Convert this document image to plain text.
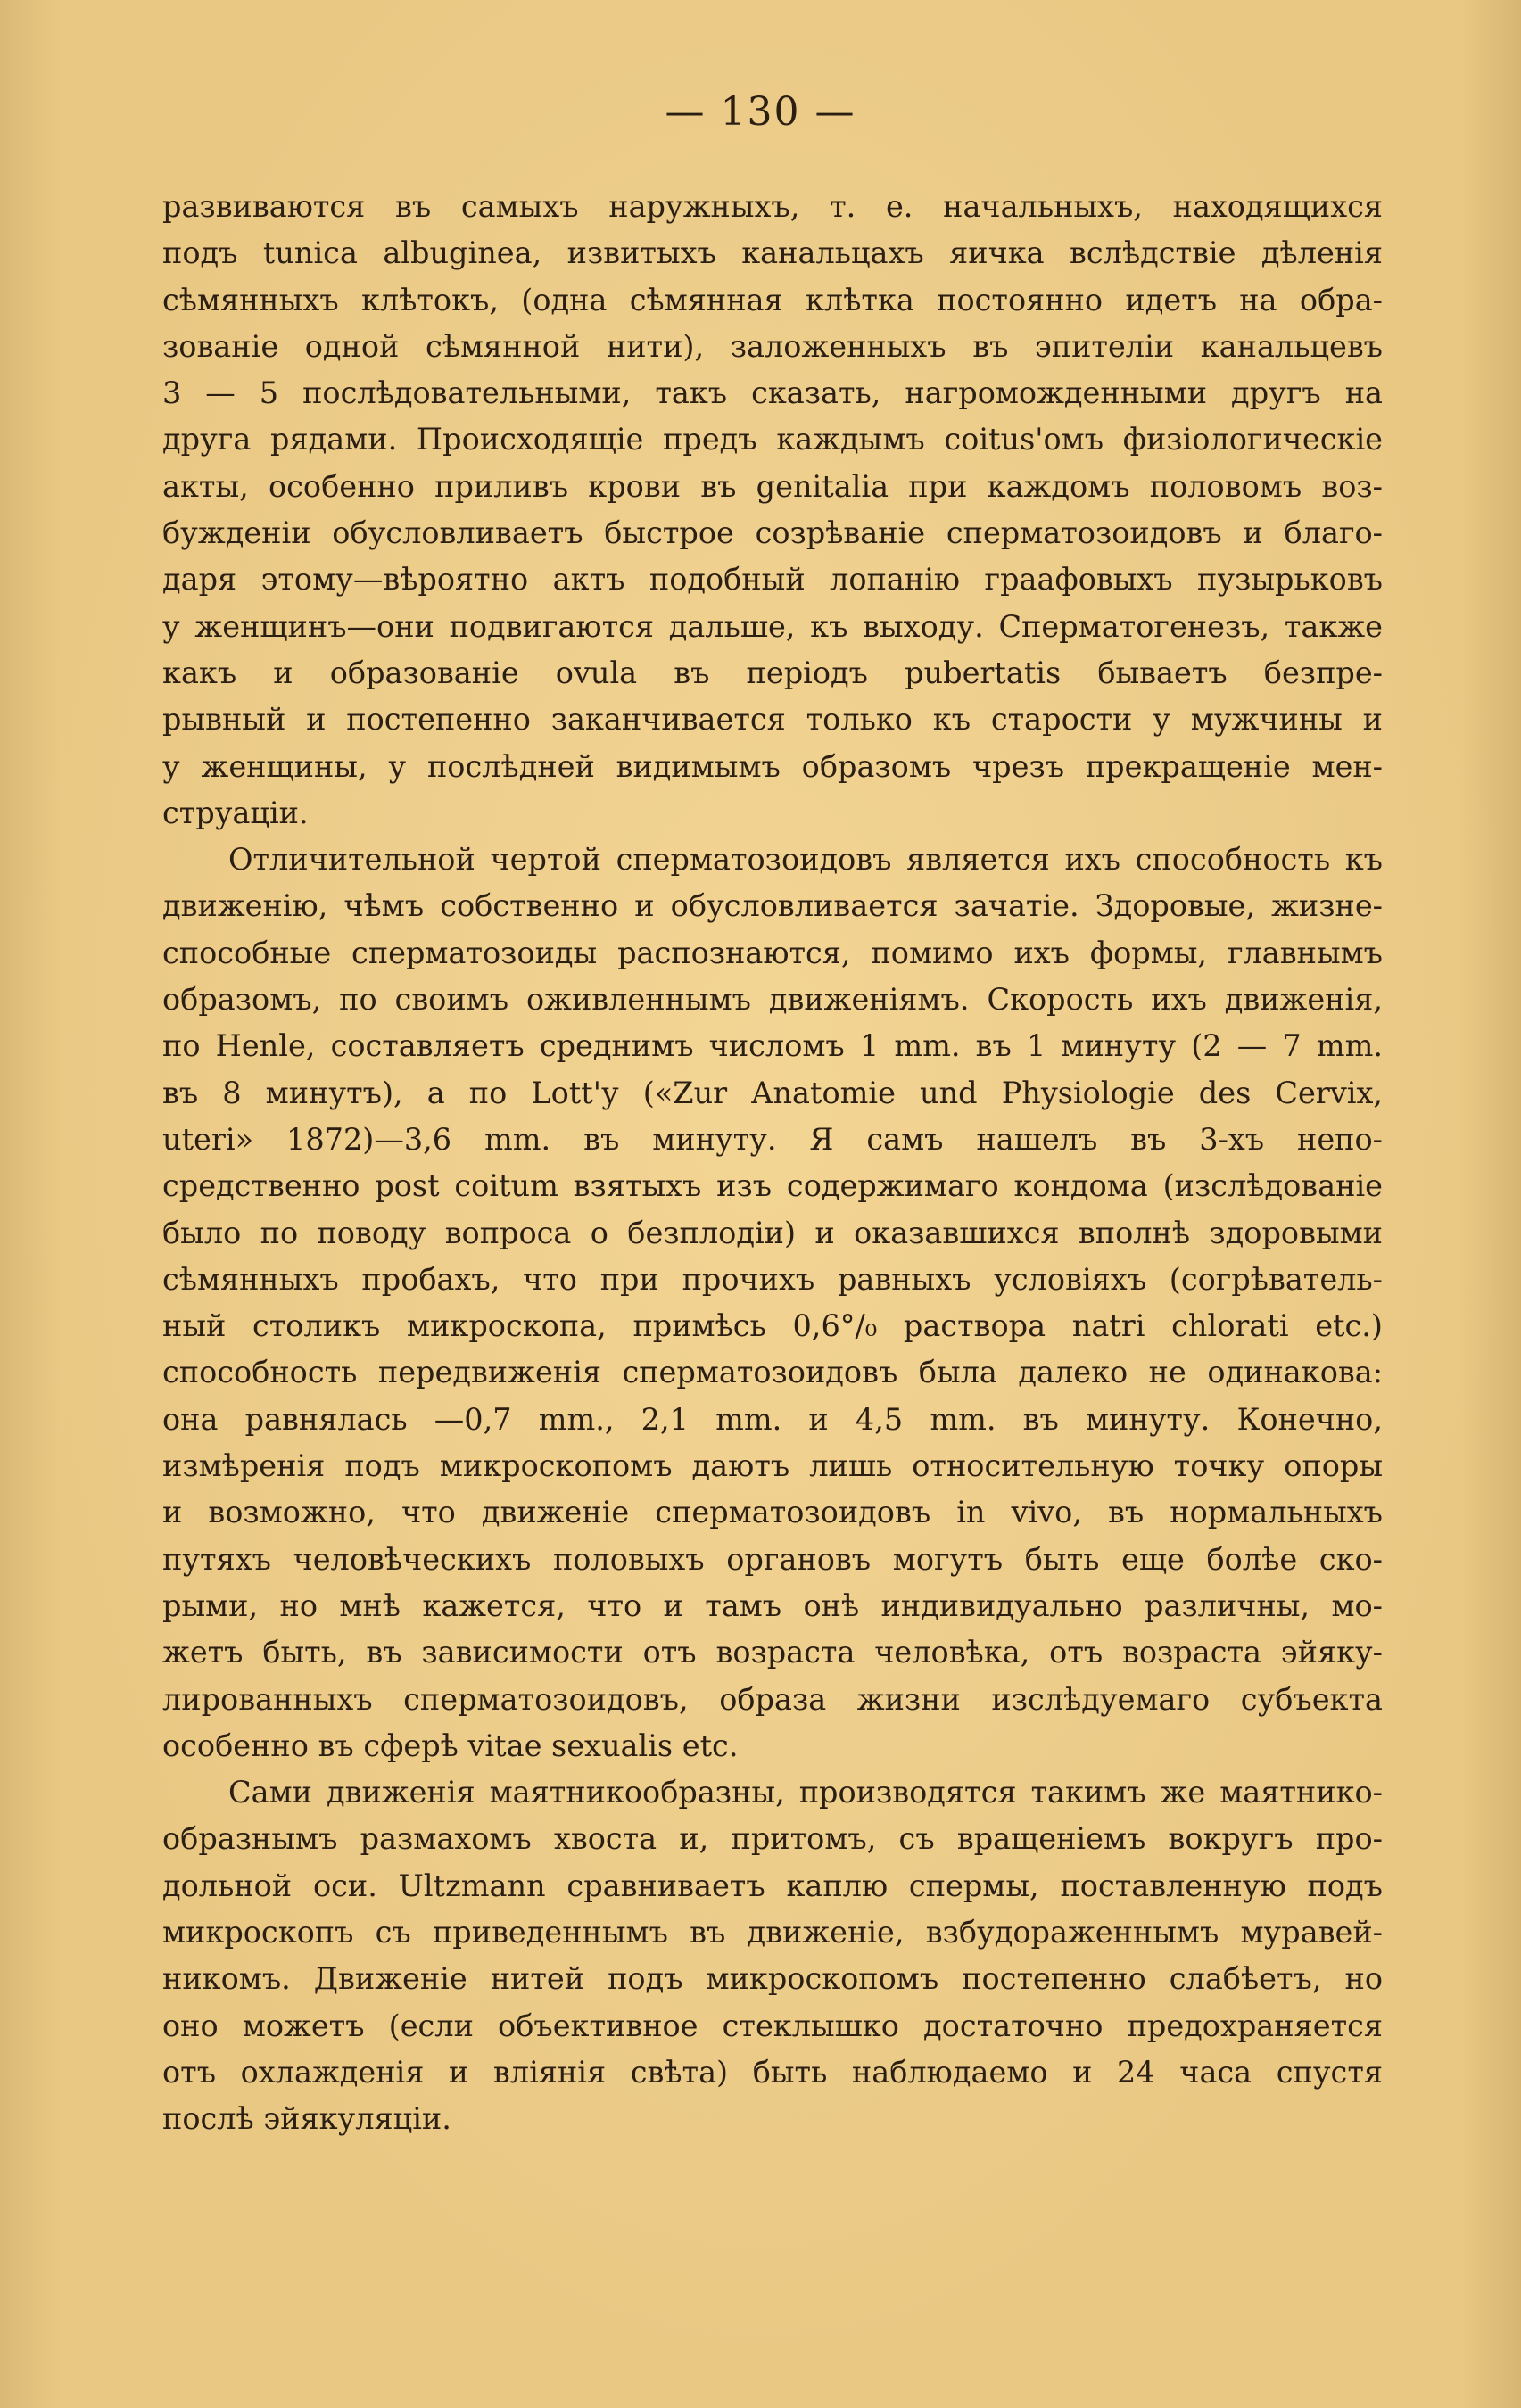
— 130 —
развиваются въ самыхъ наружныхъ, т. е. начальныхъ, находящихся
подъ tunica albuginea, извитыхъ канальцахъ яичка вслѣдствіе дѣленія
сѣмянныхъ клѣтокъ, (одна сѣмянная клѣтка постоянно идетъ на обра-
зованіе одной сѣмянной нити), заложенныхъ въ эпителіи канальцевъ
3 — 5 послѣдовательными, такъ сказать, нагроможденными другъ на
друга рядами. Происходящіе предъ каждымъ coitus'омъ физіологическіе
акты, особенно приливъ крови въ genitalia при каждомъ половомъ воз-
бужденіи обусловливаетъ быстрое созрѣваніе сперматозоидовъ и благо-
даря этому—вѣроятно актъ подобный лопанію граафовыхъ пузырьковъ
у женщинъ—они подвигаются дальше, къ выходу. Сперматогенезъ, также
какъ и образованіе ovula въ періодъ pubertatis бываетъ безпре-
рывный и постепенно заканчивается только къ старости у мужчины и
у женщины, у послѣдней видимымъ образомъ чрезъ прекращеніе мен-
струаціи.
Отличительной чертой сперматозоидовъ является ихъ способность къ
движенію, чѣмъ собственно и обусловливается зачатіе. Здоровые, жизне-
способные сперматозоиды распознаются, помимо ихъ формы, главнымъ
образомъ, по своимъ оживленнымъ движеніямъ. Скорость ихъ движенія,
по Henle, составляетъ среднимъ числомъ 1 mm. въ 1 минуту (2 — 7 mm.
въ 8 минутъ), а по Lott'у («Zur Anatomie und Physiologie des Cervix,
uteri» 1872)—3,6 mm. въ минуту. Я самъ нашелъ въ 3-хъ непо-
средственно post coitum взятыхъ изъ содержимаго кондома (изслѣдованіе
было по поводу вопроса о безплодіи) и оказавшихся вполнѣ здоровыми
сѣмянныхъ пробахъ, что при прочихъ равныхъ условіяхъ (согрѣватель-
ный столикъ микроскопа, примѣсь 0,6°/₀ раствора natri chlorati etc.)
способность передвиженія сперматозоидовъ была далеко не одинакова:
она равнялась —0,7 mm., 2,1 mm. и 4,5 mm. въ минуту. Конечно,
измѣренія подъ микроскопомъ даютъ лишь относительную точку опоры
и возможно, что движеніе сперматозоидовъ in vivo, въ нормальныхъ
путяхъ человѣческихъ половыхъ органовъ могутъ быть еще болѣе ско-
рыми, но мнѣ кажется, что и тамъ онѣ индивидуально различны, мо-
жетъ быть, въ зависимости отъ возраста человѣка, отъ возраста эйяку-
лированныхъ сперматозоидовъ, образа жизни изслѣдуемаго субъекта
особенно въ сферѣ vitae sexualis etc.
Сами движенія маятникообразны, производятся такимъ же маятнико-
образнымъ размахомъ хвоста и, притомъ, съ вращеніемъ вокругъ про-
дольной оси. Ultzmann сравниваетъ каплю спермы, поставленную подъ
микроскопъ съ приведеннымъ въ движеніе, взбудораженнымъ муравей-
никомъ. Движеніе нитей подъ микроскопомъ постепенно слабѣетъ, но
оно можетъ (если объективное стеклышко достаточно предохраняется
отъ охлажденія и вліянія свѣта) быть наблюдаемо и 24 часа спустя
послѣ эйякуляціи.
